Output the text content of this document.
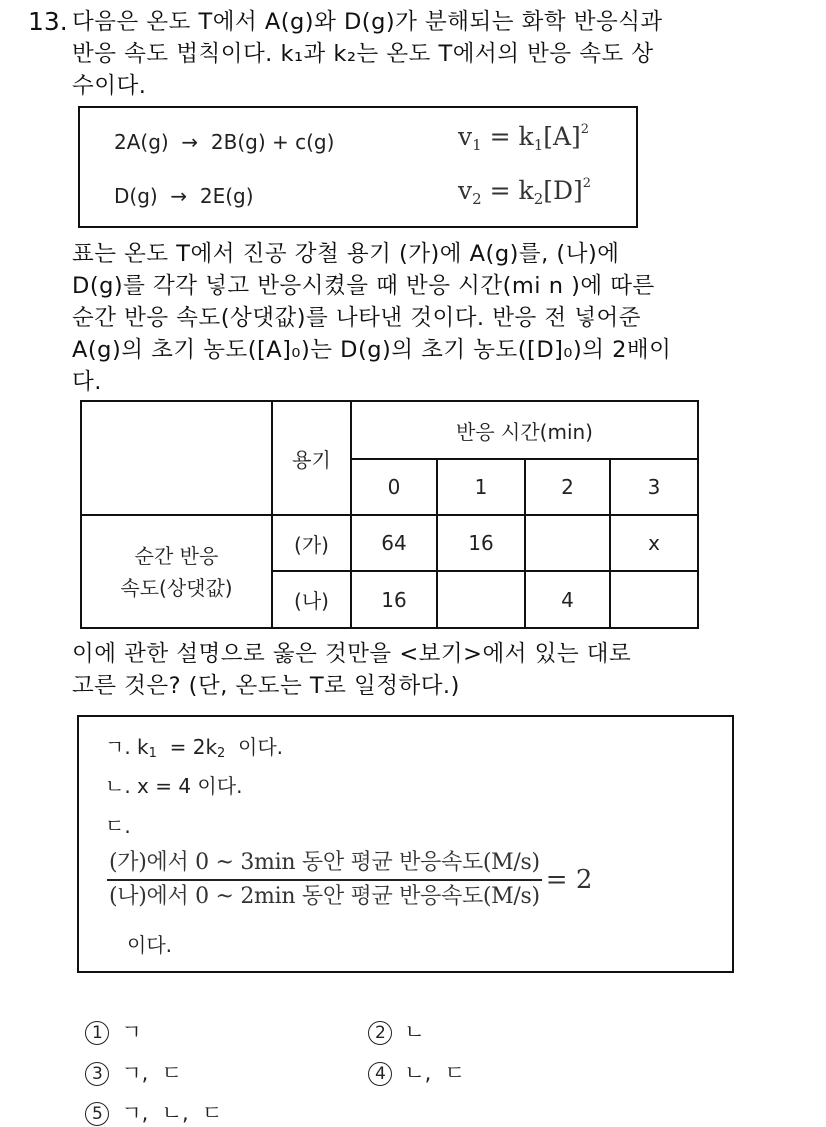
13. 다음은 온도 T에서 A(g)와 D(g)가 분해되는 화학 반응식과
반응 속도 법칙이다. k₁과 k₂는 온도 T에서의 반응 속도 상
수이다.
2A(g)  →  2B(g) + c(g)	$v_1 = k_1[A]^2$
D(g)  →  2E(g)	$v_2 = k_2[D]^2$
표는 온도 T에서 진공 강철 용기 (가)에 A(g)를, (나)에
D(g)를 각각 넣고 반응시켰을 때 반응 시간(mi n )에 따른
순간 반응 속도(상댓값)를 나타낸 것이다. 반응 전 넣어준
A(g)의 초기 농도([A]₀)는 D(g)의 초기 농도([D]₀)의 2배이
다.
	용기	반응 시간(min)			
		0	1	2	3

순간 반응
속도(상댓값)	(가)	64	16		x
	(나)	16		4	
이에 관한 설명으로 옳은 것만을 <보기>에서 있는 대로
고른 것은? (단, 온도는 T로 일정하다.)
ㄱ. $k_1 = 2k_2$  이다.
ㄴ. x = 4 이다.
ㄷ.
$\frac{\text{(가)에서 0 \textasciitilde{} 3min 동안 평균 반응속도(M/s)}}{\text{(나)에서 0 \textasciitilde{} 2min 동안 평균 반응속도(M/s)}} = 2$
이다.

1 ㄱ	2 ㄴ

3 ㄱ,  ㄷ	4 ㄴ,  ㄷ

5 ㄱ,  ㄴ,  ㄷ
